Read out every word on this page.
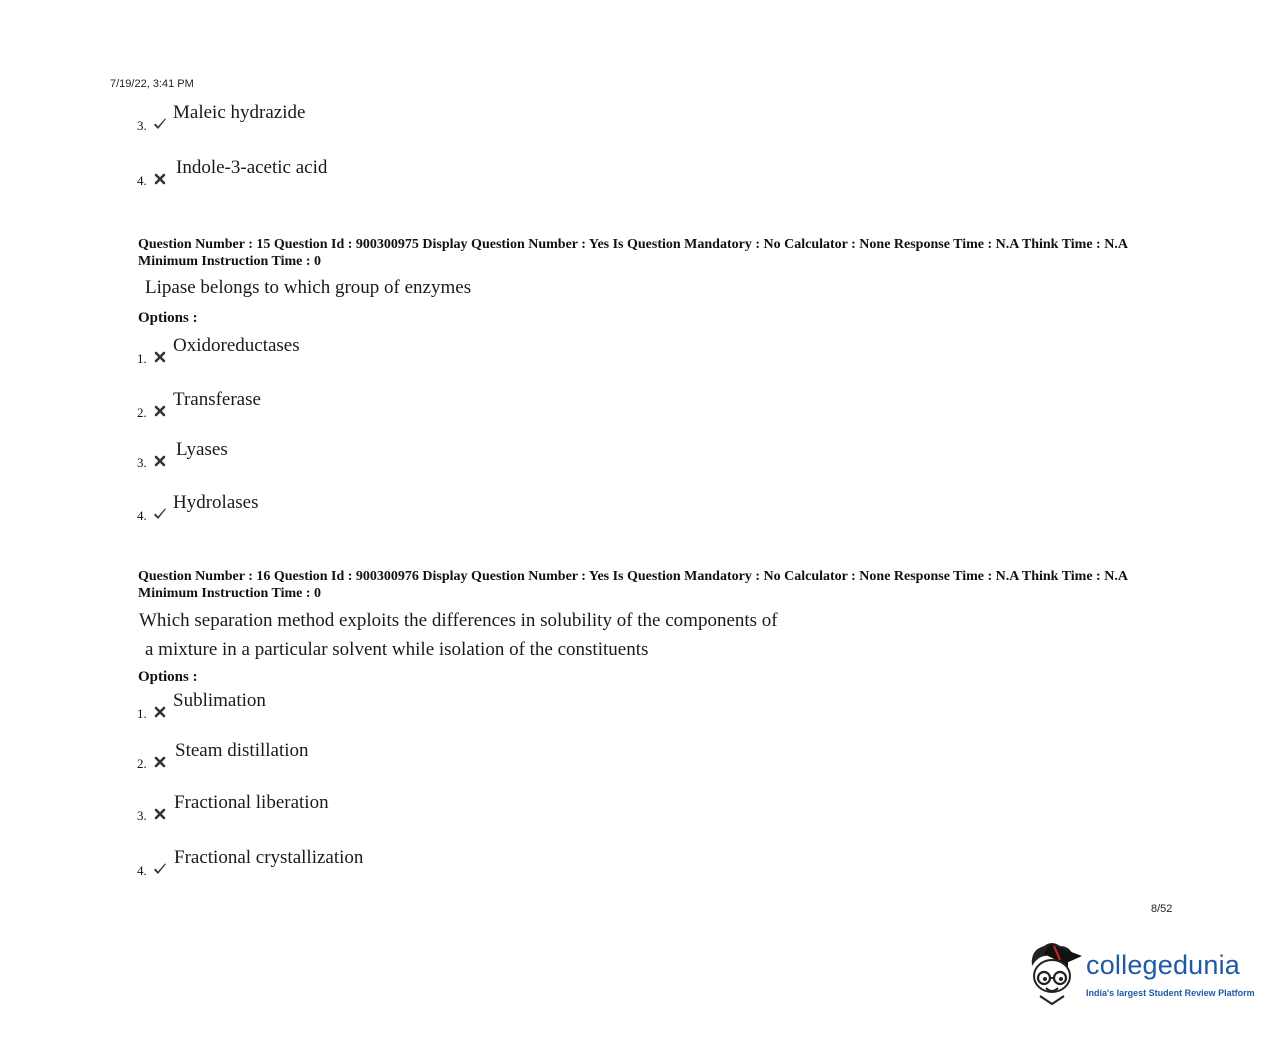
7/19/22, 3:41 PM
3.
Maleic hydrazide
4.
Indole-3-acetic acid
Question Number : 15 Question Id : 900300975 Display Question Number : Yes Is Question Mandatory : No Calculator : None Response Time : N.A Think Time : N.A Minimum Instruction Time : 0
Lipase belongs to which group of enzymes
Options :
1.
Oxidoreductases
2.
Transferase
3.
Lyases
4.
Hydrolases
Question Number : 16 Question Id : 900300976 Display Question Number : Yes Is Question Mandatory : No Calculator : None Response Time : N.A Think Time : N.A Minimum Instruction Time : 0
Which separation method exploits the differences in solubility of the components of
a mixture in a particular solvent while isolation of the constituents
Options :
1.
Sublimation
2.
Steam distillation
3.
Fractional liberation
4.
Fractional crystallization
8/52
collegedunia
India's largest Student Review Platform
